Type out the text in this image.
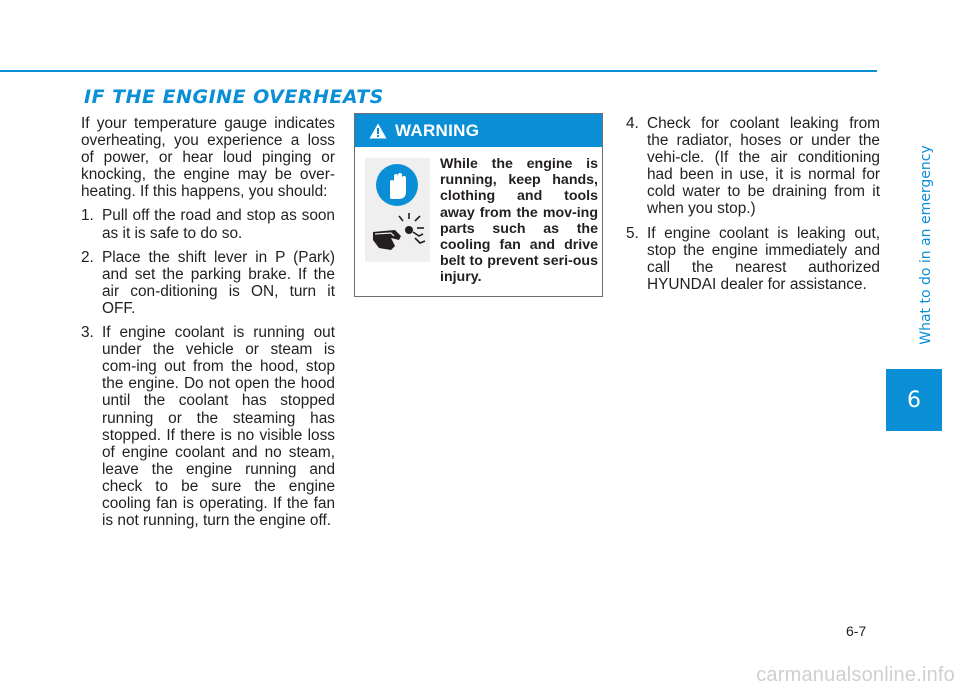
IF THE ENGINE OVERHEATS
What to do in an emergency
6

If your temperature gauge indicates overheating, you experience a loss of power, or hear loud pinging or knocking, the engine may be over-heating. If this happens, you should:

1. Pull off the road and stop as soon as it is safe to do so.
2. Place the shift lever in P (Park) and set the parking brake. If the air con-ditioning is ON, turn it OFF.
3. If engine coolant is running out under the vehicle or steam is com-ing out from the hood, stop the engine. Do not open the hood until the coolant has stopped running or the steaming has stopped. If there is no visible loss of engine coolant and no steam, leave the engine running and check to be sure the engine cooling fan is operating. If the fan is not running, turn the engine off.
WARNING
While the engine is running, keep hands, clothing and tools away from the mov-ing parts such as the cooling fan and drive belt to prevent seri-ous injury.
4. Check for coolant leaking from the radiator, hoses or under the vehi-cle. (If the air conditioning had been in use, it is normal for cold water to be draining from it when you stop.)
5. If engine coolant is leaking out, stop the engine immediately and call the nearest authorized HYUNDAI dealer for assistance.
6-7
carmanualsonline.info
